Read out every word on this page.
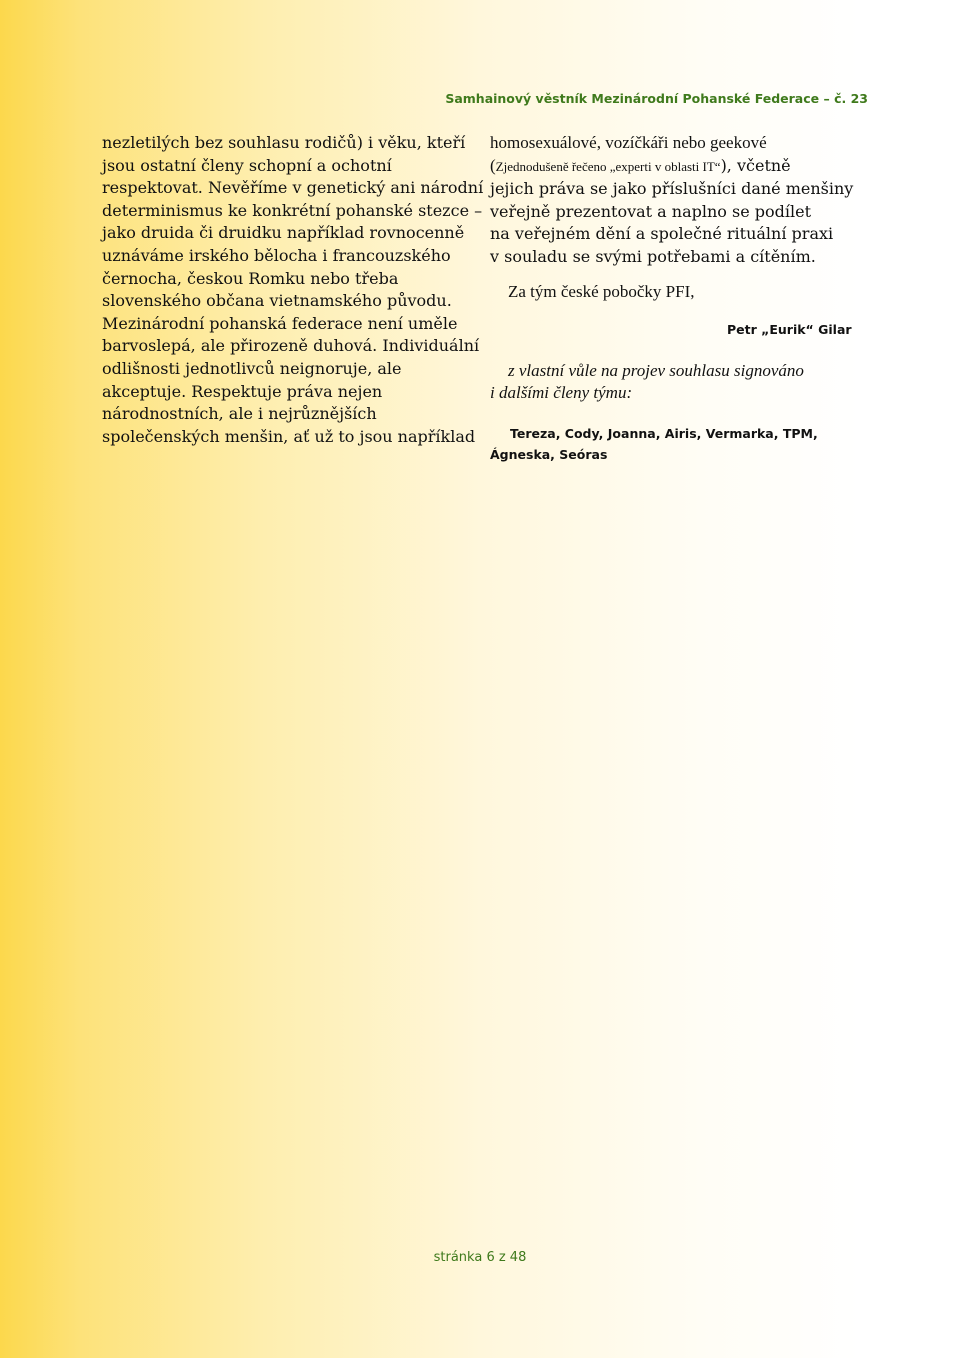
Samhainový věstník Mezinárodní Pohanské Federace – č. 23
nezletilých bez souhlasu rodičů) i věku, kteří
jsou ostatní členy schopní a ochotní
respektovat. Nevěříme v genetický ani národní
determinismus ke konkrétní pohanské stezce –
jako druida či druidku například rovnocenně
uznáváme irského bělocha i francouzského
černocha, českou Romku nebo třeba
slovenského občana vietnamského původu.
Mezinárodní pohanská federace není uměle
barvoslepá, ale přirozeně duhová. Individuální
odlišnosti jednotlivců neignoruje, ale
akceptuje. Respektuje práva nejen
národnostních, ale i nejrůznějších
společenských menšin, ať už to jsou například
homosexuálové, vozíčkáři nebo geekové
(Zjednodušeně řečeno „experti v oblasti IT“), včetně
jejich práva se jako příslušníci dané menšiny
veřejně prezentovat a naplno se podílet
na veřejném dění a společné rituální praxi
v souladu se svými potřebami a cítěním.
Za tým české pobočky PFI,
Petr „Eurik“ Gilar
z vlastní vůle na projev souhlasu signováno
i dalšími členy týmu:
Tereza, Cody, Joanna, Airis, Vermarka, TPM,
Ágneska, Seóras
stránka 6 z 48
